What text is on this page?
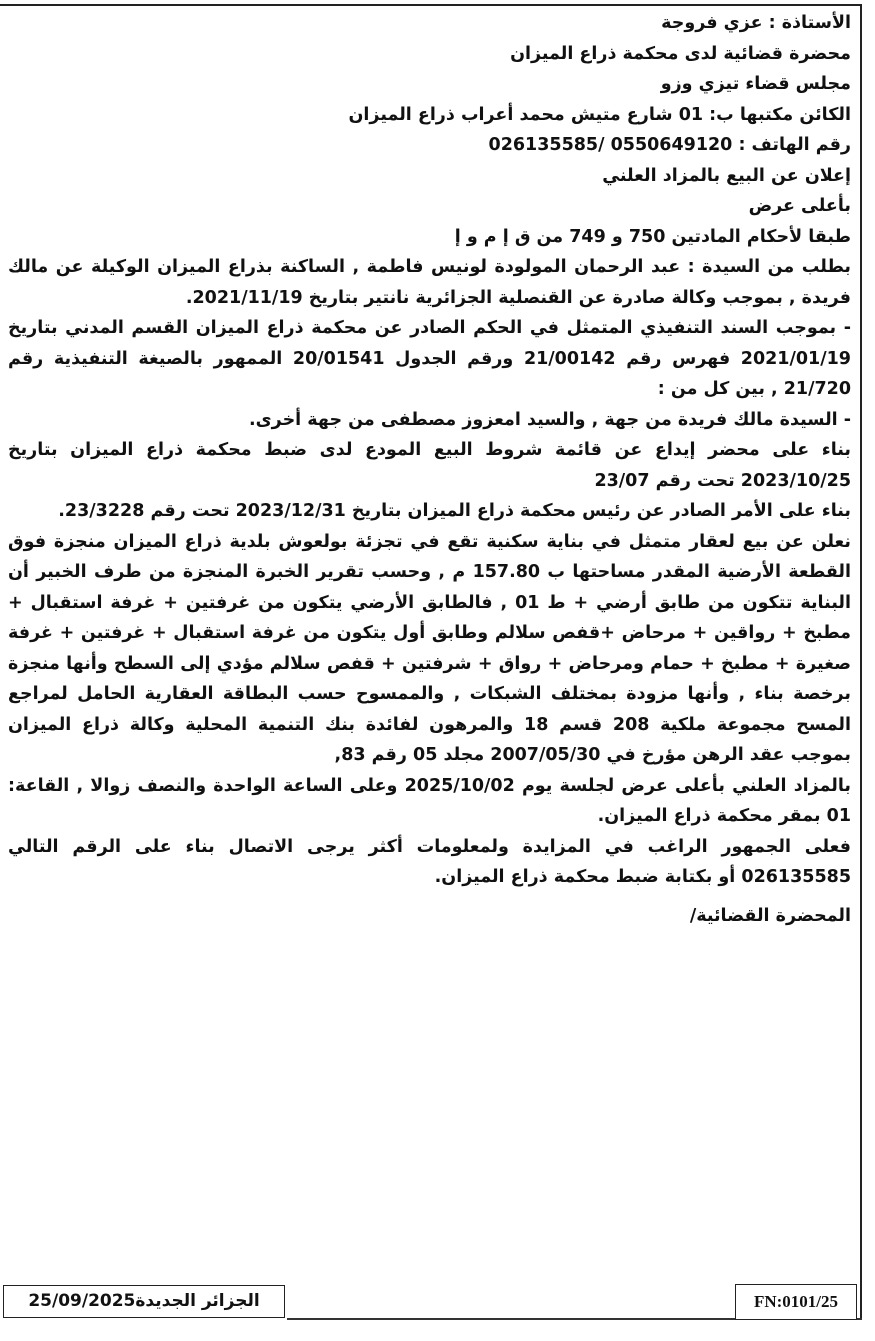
الأستاذة : عزي فروجة

محضرة قضائية لدى محكمة ذراع الميزان

مجلس قضاء تيزي وزو

الكائن مكتبها ب: 01 شارع متيش محمد أعراب ذراع الميزان

رقم الهاتف : 0550649120 /026135585

إعلان عن البيع بالمزاد العلني

بأعلى عرض

طبقا لأحكام المادتين 750 و 749 من ق إ م و إ

بطلب من السيدة : عبد الرحمان المولودة لونيس فاطمة , الساكنة بذراع الميزان الوكيلة عن مالك فريدة , بموجب وكالة صادرة عن القنصلية الجزائرية نانتير بتاريخ 2021/11/19.

- بموجب السند التنفيذي المتمثل في الحكم الصادر عن محكمة ذراع الميزان القسم المدني بتاريخ 2021/01/19 فهرس رقم 21/00142 ورقم الجدول 20/01541 الممهور بالصيغة التنفيذية رقم 21/720 , بين كل من :

- السيدة مالك فريدة من جهة , والسيد امعزوز مصطفى من جهة أخرى.

بناء على محضر إيداع عن قائمة شروط البيع المودع لدى ضبط محكمة ذراع الميزان بتاريخ 2023/10/25 تحت رقم 23/07

بناء على الأمر الصادر عن رئيس محكمة ذراع الميزان بتاريخ 2023/12/31 تحت رقم 23/3228.

نعلن عن بيع لعقار متمثل في بناية سكنية تقع في تجزئة بولعوش بلدية ذراع الميزان منجزة فوق القطعة الأرضية المقدر مساحتها ب 157.80 م , وحسب تقرير الخبرة المنجزة من طرف الخبير أن البناية تتكون من طابق أرضي + ط 01 , فالطابق الأرضي يتكون من غرفتين + غرفة استقبال + مطبخ + رواقين + مرحاض +قفص سلالم وطابق أول يتكون من غرفة استقبال + غرفتين + غرفة صغيرة + مطبخ + حمام ومرحاض + رواق + شرفتين + قفص سلالم مؤدي إلى السطح وأنها منجزة برخصة بناء , وأنها مزودة بمختلف الشبكات , والممسوح حسب البطاقة العقارية الحامل لمراجع المسح مجموعة ملكية 208 قسم 18 والمرهون لفائدة بنك التنمية المحلية وكالة ذراع الميزان بموجب عقد الرهن مؤرخ في 2007/05/30 مجلد 05 رقم 83,

بالمزاد العلني بأعلى عرض لجلسة يوم 2025/10/02 وعلى الساعة الواحدة والنصف زوالا , القاعة: 01 بمقر محكمة ذراع الميزان.

فعلى الجمهور الراغب في المزايدة ولمعلومات أكثر يرجى الاتصال بناء على الرقم التالي 026135585 أو بكتابة ضبط محكمة ذراع الميزان.

المحضرة القضائية/

الجزائر الجديدة25/09/2025	FN:0101/25
